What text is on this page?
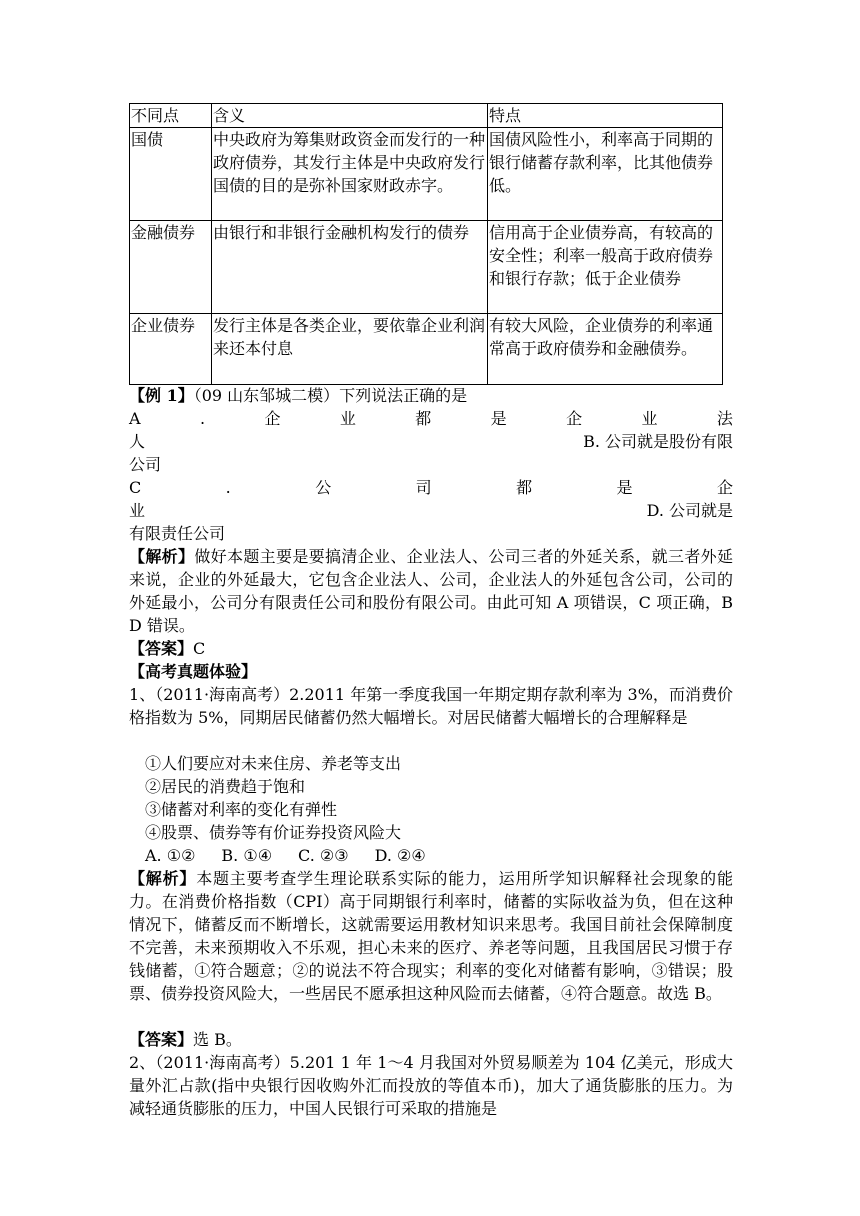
不同点	含义	特点
国债	中央政府为筹集财政资金而发行的一种政府债券，其发行主体是中央政府发行国债的目的是弥补国家财政赤字。	国债风险性小，利率高于同期的银行储蓄存款利率，比其他债券低。
金融债券	由银行和非银行金融机构发行的债券	信用高于企业债券高，有较高的安全性；利率一般高于政府债券和银行存款；低于企业债券
企业债券	发行主体是各类企业，要依靠企业利润来还本付息	有较大风险，企业债券的利率通常高于政府债券和金融债券。
【例 1】（09 山东邹城二模）下列说法正确的是
A	.	企	业	都	是	企	业	法
人	B. 公司就是股份有限
公司
C	.	公	司	都	是	企
业	D. 公司就是
有限责任公司
【解析】做好本题主要是要搞清企业、企业法人、公司三者的外延关系，就三者外延来说，企业的外延最大，它包含企业法人、公司，企业法人的外延包含公司，公司的外延最小，公司分有限责任公司和股份有限公司。由此可知 A 项错误，C 项正确，BD 错误。
【答案】C
【高考真题体验】
1、（2011·海南高考）2.2011 年第一季度我国一年期定期存款利率为 3%，而消费价格指数为 5%，同期居民储蓄仍然大幅增长。对居民储蓄大幅增长的合理解释是
①人们要应对未来住房、养老等支出
②居民的消费趋于饱和
③储蓄对利率的变化有弹性
④股票、债券等有价证券投资风险大
A. ①② B. ①④ C. ②③ D. ②④
【解析】本题主要考查学生理论联系实际的能力，运用所学知识解释社会现象的能力。在消费价格指数（CPI）高于同期银行利率时，储蓄的实际收益为负，但在这种情况下，储蓄反而不断增长，这就需要运用教材知识来思考。我国目前社会保障制度不完善，未来预期收入不乐观，担心未来的医疗、养老等问题，且我国居民习惯于存钱储蓄，①符合题意；②的说法不符合现实；利率的变化对储蓄有影响，③错误；股票、债券投资风险大，一些居民不愿承担这种风险而去储蓄，④符合题意。故选 B。
【答案】选 B。
2、（2011·海南高考）5.201 1 年 1～4 月我国对外贸易顺差为 104 亿美元，形成大量外汇占款(指中央银行因收购外汇而投放的等值本币)，加大了通货膨胀的压力。为减轻通货膨胀的压力，中国人民银行可采取的措施是
